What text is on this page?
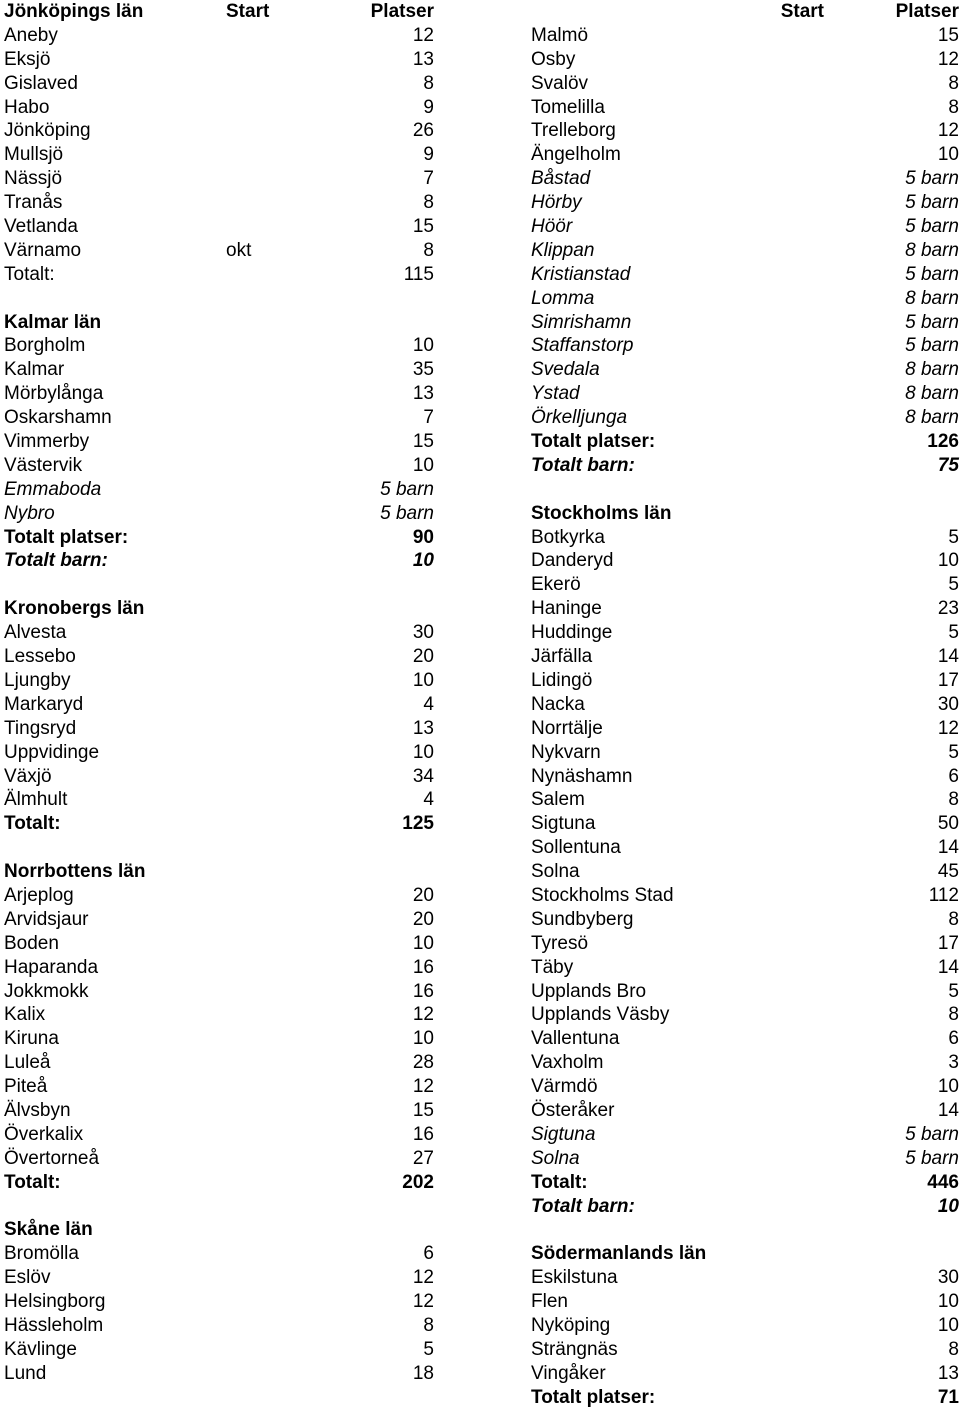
Jönköpings län	Start	Platser
Aneby	12
Eksjö	13
Gislaved	8
Habo	9
Jönköping	26
Mullsjö	9
Nässjö	7
Tranås	8
Vetlanda	15
Värnamo	okt	8
Totalt:	115
Kalmar län
Borgholm	10
Kalmar	35
Mörbylånga	13
Oskarshamn	7
Vimmerby	15
Västervik	10
Emmaboda	5 barn
Nybro	5 barn
Totalt platser:	90
Totalt barn:	10
Kronobergs län
Alvesta	30
Lessebo	20
Ljungby	10
Markaryd	4
Tingsryd	13
Uppvidinge	10
Växjö	34
Älmhult	4
Totalt:	125
Norrbottens län
Arjeplog	20
Arvidsjaur	20
Boden	10
Haparanda	16
Jokkmokk	16
Kalix	12
Kiruna	10
Luleå	28
Piteå	12
Älvsbyn	15
Överkalix	16
Övertorneå	27
Totalt:	202
Skåne län
Bromölla	6
Eslöv	12
Helsingborg	12
Hässleholm	8
Kävlinge	5
Lund	18
Start	Platser
Malmö	15
Osby	12
Svalöv	8
Tomelilla	8
Trelleborg	12
Ängelholm	10
Båstad	5 barn
Hörby	5 barn
Höör	5 barn
Klippan	8 barn
Kristianstad	5 barn
Lomma	8 barn
Simrishamn	5 barn
Staffanstorp	5 barn
Svedala	8 barn
Ystad	8 barn
Örkelljunga	8 barn
Totalt platser:	126
Totalt barn:	75
Stockholms län
Botkyrka	5
Danderyd	10
Ekerö	5
Haninge	23
Huddinge	5
Järfälla	14
Lidingö	17
Nacka	30
Norrtälje	12
Nykvarn	5
Nynäshamn	6
Salem	8
Sigtuna	50
Sollentuna	14
Solna	45
Stockholms Stad	112
Sundbyberg	8
Tyresö	17
Täby	14
Upplands Bro	5
Upplands Väsby	8
Vallentuna	6
Vaxholm	3
Värmdö	10
Österåker	14
Sigtuna	5 barn
Solna	5 barn
Totalt:	446
Totalt barn:	10
Södermanlands län
Eskilstuna	30
Flen	10
Nyköping	10
Strängnäs	8
Vingåker	13
Totalt platser:	71
